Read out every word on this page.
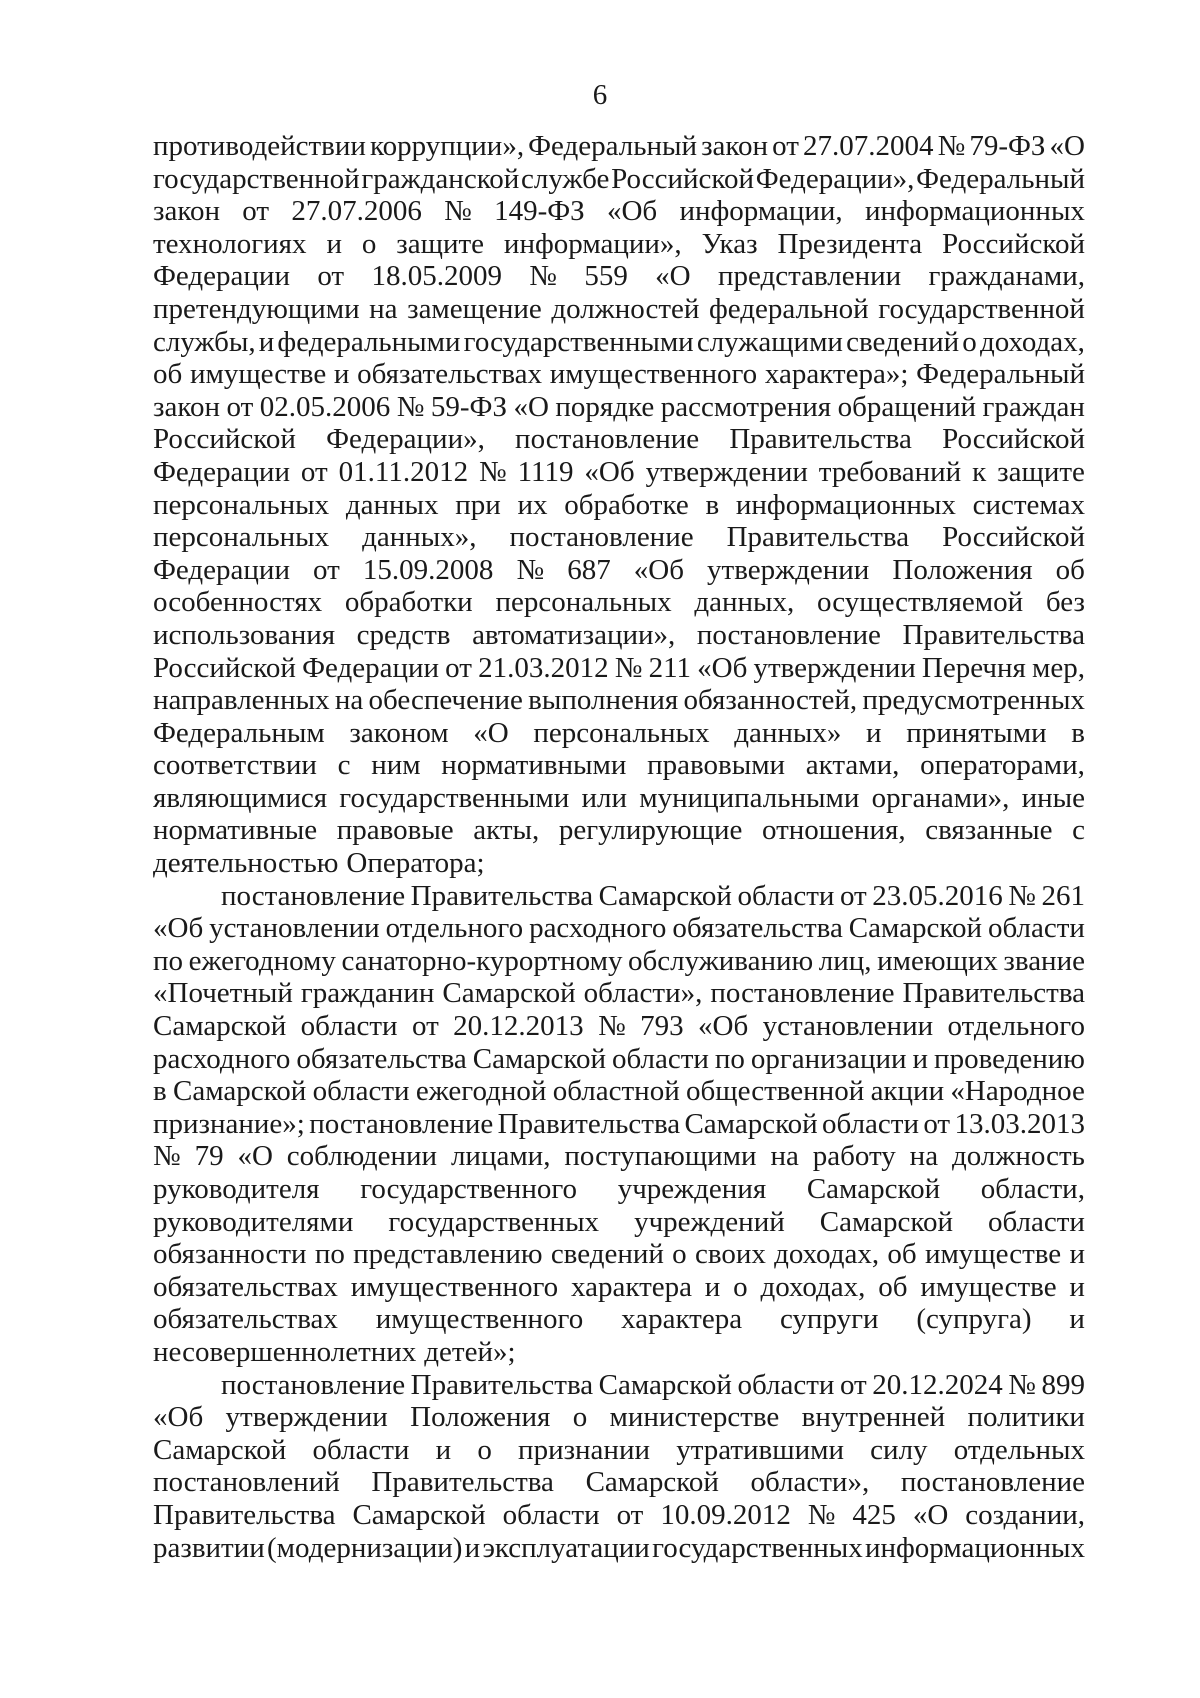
6
противодействии коррупции», Федеральный закон от 27.07.2004 № 79-ФЗ «О
государственной гражданской службе Российской Федерации», Федеральный
закон от 27.07.2006 № 149-ФЗ «Об информации, информационных
технологиях и о защите информации», Указ Президента Российской
Федерации от 18.05.2009 № 559 «О представлении гражданами,
претендующими на замещение должностей федеральной государственной
службы, и федеральными государственными служащими сведений о доходах,
об имуществе и обязательствах имущественного характера»; Федеральный
закон от 02.05.2006 № 59-ФЗ «О порядке рассмотрения обращений граждан
Российской Федерации», постановление Правительства Российской
Федерации от 01.11.2012 № 1119 «Об утверждении требований к защите
персональных данных при их обработке в информационных системах
персональных данных», постановление Правительства Российской
Федерации от 15.09.2008 № 687 «Об утверждении Положения об
особенностях обработки персональных данных, осуществляемой без
использования средств автоматизации», постановление Правительства
Российской Федерации от 21.03.2012 № 211 «Об утверждении Перечня мер,
направленных на обеспечение выполнения обязанностей, предусмотренных
Федеральным законом «О персональных данных» и принятыми в
соответствии с ним нормативными правовыми актами, операторами,
являющимися государственными или муниципальными органами», иные
нормативные правовые акты, регулирующие отношения, связанные с
деятельностью Оператора;
постановление Правительства Самарской области от 23.05.2016 № 261
«Об установлении отдельного расходного обязательства Самарской области
по ежегодному санаторно-курортному обслуживанию лиц, имеющих звание
«Почетный гражданин Самарской области», постановление Правительства
Самарской области от 20.12.2013 № 793 «Об установлении отдельного
расходного обязательства Самарской области по организации и проведению
в Самарской области ежегодной областной общественной акции «Народное
признание»; постановление Правительства Самарской области от 13.03.2013
№ 79 «О соблюдении лицами, поступающими на работу на должность
руководителя государственного учреждения Самарской области,
руководителями государственных учреждений Самарской области
обязанности по представлению сведений о своих доходах, об имуществе и
обязательствах имущественного характера и о доходах, об имуществе и
обязательствах имущественного характера супруги (супруга) и
несовершеннолетних детей»;
постановление Правительства Самарской области от 20.12.2024 № 899
«Об утверждении Положения о министерстве внутренней политики
Самарской области и о признании утратившими силу отдельных
постановлений Правительства Самарской области», постановление
Правительства Самарской области от 10.09.2012 № 425 «О создании,
развитии (модернизации) и эксплуатации государственных информационных
